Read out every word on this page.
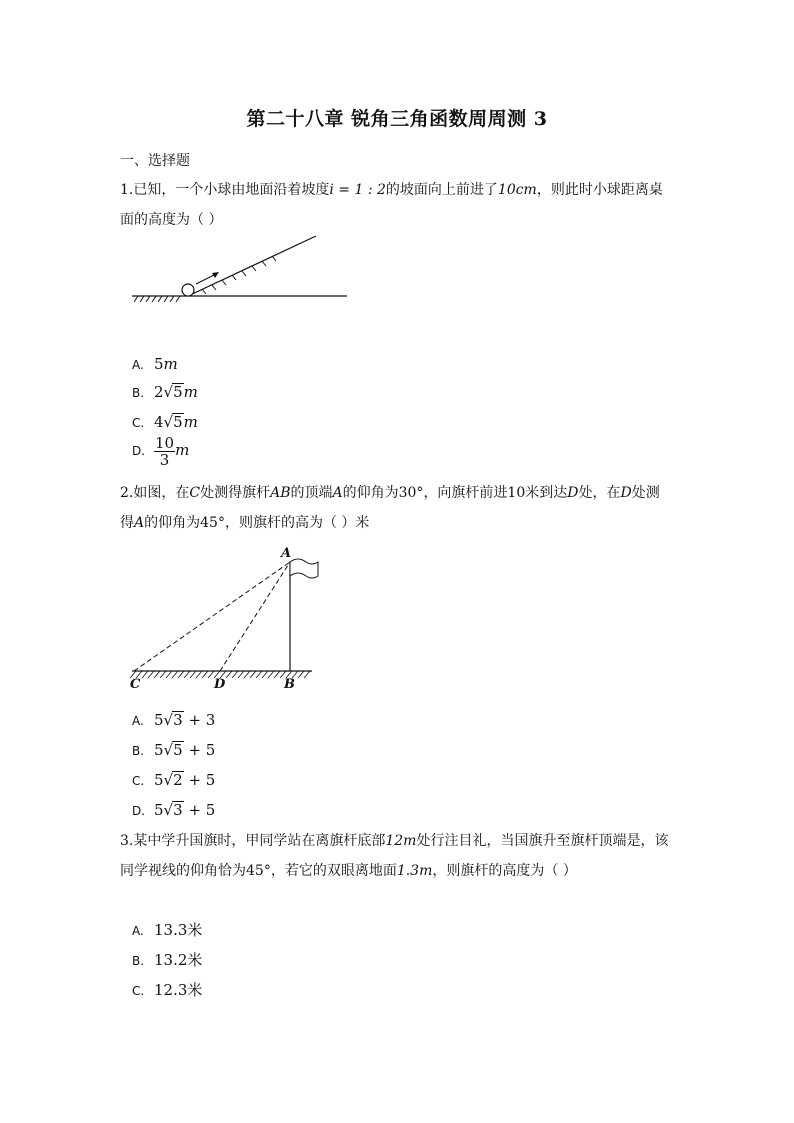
第二十八章 锐角三角函数周周测 3
一、选择题
1.已知，一个小球由地面沿着坡度i = 1 : 2的坡面向上前进了10cm，则此时小球距离桌
面的高度为（ ）
A. 5m
B. 2√5m
C. 4√5m
D. $\frac{10}{3}$ m
2.如图，在C处测得旗杆AB的顶端A的仰角为30°，向旗杆前进10米到达D处，在D处测
得A的仰角为45°，则旗杆的高为（ ）米
A
C	D	B
A. 5√3 + 3
B. 5√5 + 5
C. 5√2 + 5
D. 5√3 + 5
3.某中学升国旗时，甲同学站在离旗杆底部12m处行注目礼，当国旗升至旗杆顶端是，该
同学视线的仰角恰为45°，若它的双眼离地面1.3m，则旗杆的高度为（ ）
A. 13.3米
B. 13.2米
C. 12.3米
